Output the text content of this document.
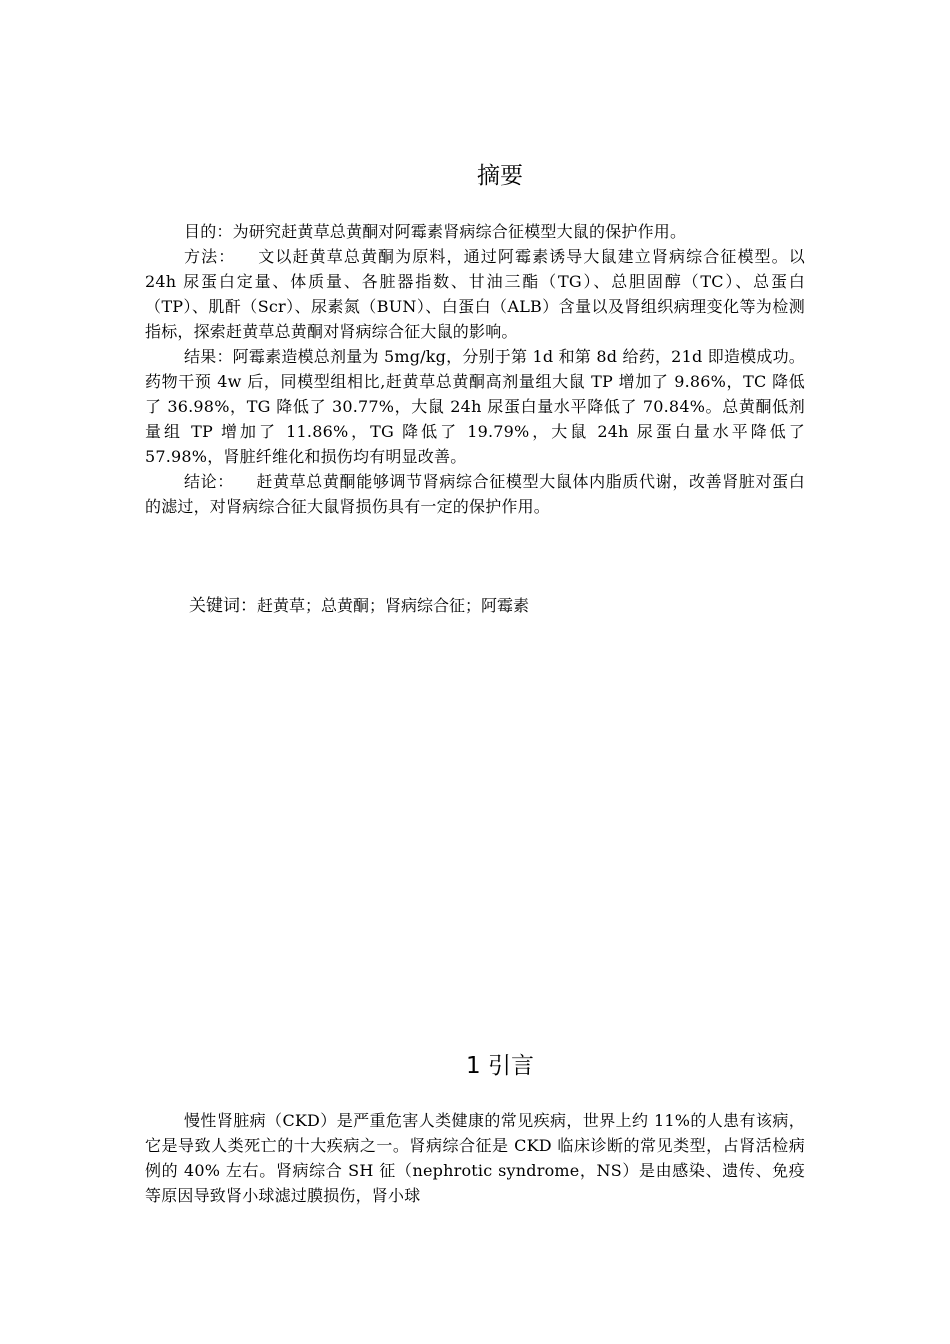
摘要

目的：为研究赶黄草总黄酮对阿霉素肾病综合征模型大鼠的保护作用。

方法： 文以赶黄草总黄酮为原料，通过阿霉素诱导大鼠建立肾病综合征模型。以 24h 尿蛋白定量、体质量、各脏器指数、甘油三酯（TG）、总胆固醇（TC）、总蛋白（TP）、肌酐（Scr）、尿素氮（BUN）、白蛋白（ALB）含量以及肾组织病理变化等为检测指标，探索赶黄草总黄酮对肾病综合征大鼠的影响。

结果：阿霉素造模总剂量为 5mg/kg，分别于第 1d 和第 8d 给药，21d 即造模成功。药物干预 4w 后，同模型组相比,赶黄草总黄酮高剂量组大鼠 TP 增加了 9.86%，TC 降低了 36.98%，TG 降低了 30.77%，大鼠 24h 尿蛋白量水平降低了 70.84%。总黄酮低剂量组 TP 增加了 11.86%，TG 降低了 19.79%，大鼠 24h 尿蛋白量水平降低了 57.98%，肾脏纤维化和损伤均有明显改善。

结论： 赶黄草总黄酮能够调节肾病综合征模型大鼠体内脂质代谢，改善肾脏对蛋白的滤过，对肾病综合征大鼠肾损伤具有一定的保护作用。

关键词：赶黄草；总黄酮；肾病综合征；阿霉素
1 引言

慢性肾脏病（CKD）是严重危害人类健康的常见疾病，世界上约 11%的人患有该病，它是导致人类死亡的十大疾病之一。肾病综合征是 CKD 临床诊断的常见类型，占肾活检病例的 40% 左右。肾病综合 SH 征（nephrotic syndrome，NS）是由感染、遗传、免疫等原因导致肾小球滤过膜损伤，肾小球
